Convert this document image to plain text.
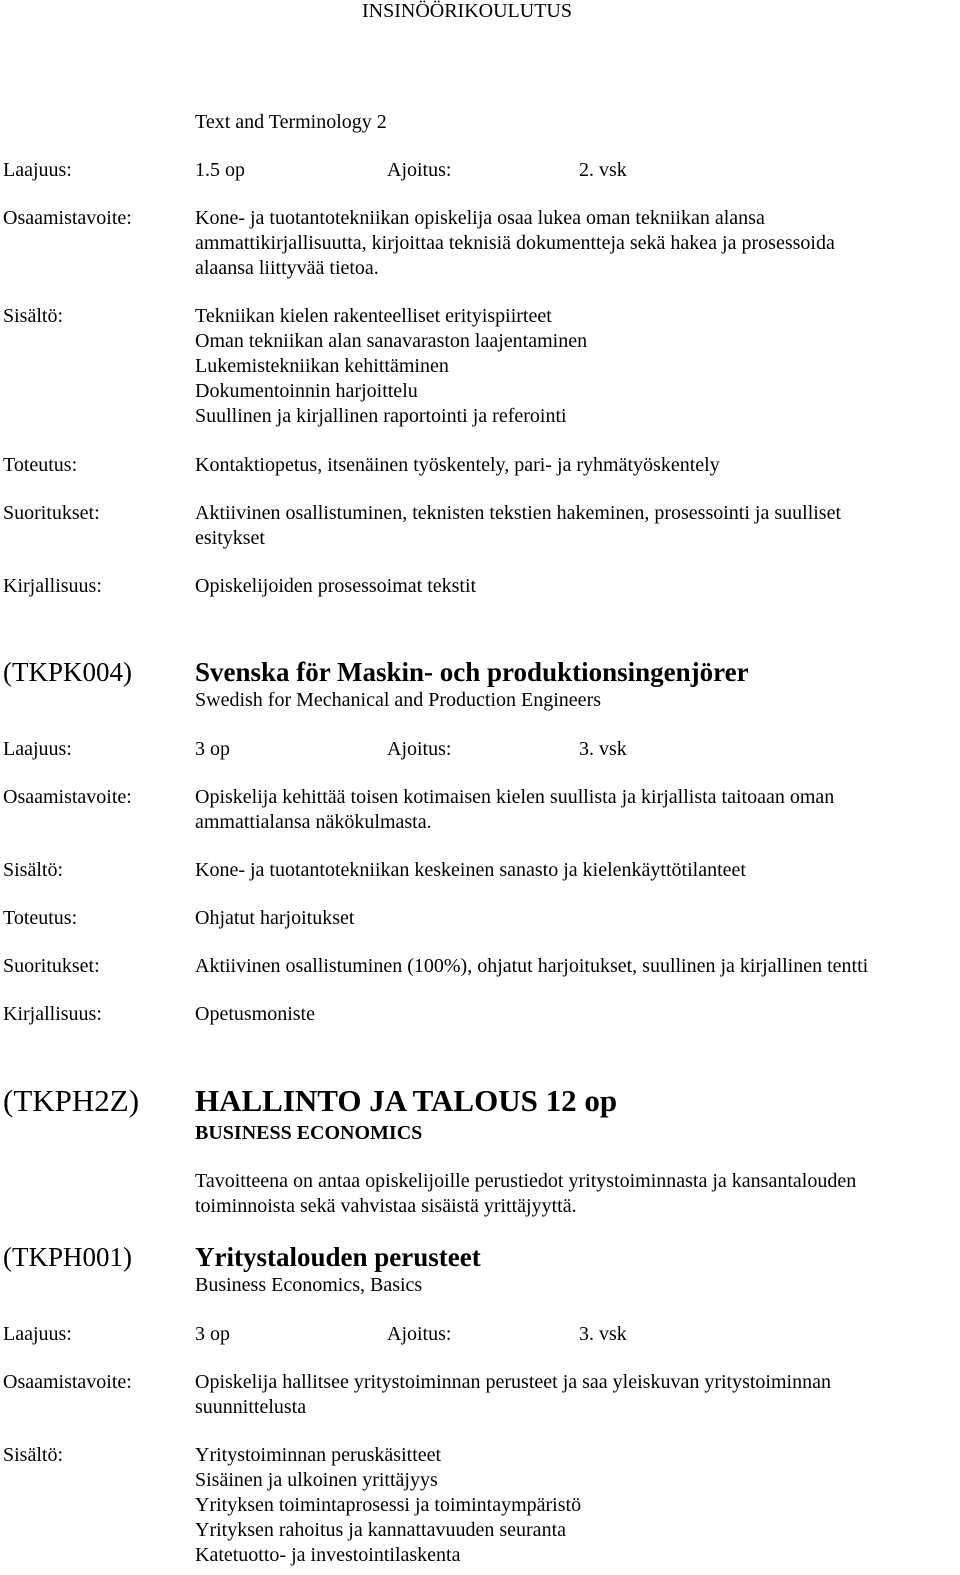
INSINÖÖRIKOULUTUS
Text and Terminology 2
Laajuus:	1.5 op	Ajoitus:	2. vsk
Osaamistavoite:	Kone- ja tuotantotekniikan opiskelija osaa lukea oman tekniikan alansa
ammattikirjallisuutta, kirjoittaa teknisiä dokumentteja sekä hakea ja prosessoida
alaansa liittyvää tietoa.
Sisältö:	Tekniikan kielen rakenteelliset erityispiirteet
Oman tekniikan alan sanavaraston laajentaminen
Lukemistekniikan kehittäminen
Dokumentoinnin harjoittelu
Suullinen ja kirjallinen raportointi ja referointi
Toteutus:	Kontaktiopetus, itsenäinen työskentely, pari- ja ryhmätyöskentely
Suoritukset:	Aktiivinen osallistuminen, teknisten tekstien hakeminen, prosessointi ja suulliset
esitykset
Kirjallisuus:	Opiskelijoiden prosessoimat tekstit
(TKPK004) Svenska för Maskin- och produktionsingenjörer
Swedish for Mechanical and Production Engineers
Laajuus:	3 op	Ajoitus:	3. vsk
Osaamistavoite:	Opiskelija kehittää toisen kotimaisen kielen suullista ja kirjallista taitoaan oman
ammattialansa näkökulmasta.
Sisältö:	Kone- ja tuotantotekniikan keskeinen sanasto ja kielenkäyttötilanteet
Toteutus:	Ohjatut harjoitukset
Suoritukset:	Aktiivinen osallistuminen (100%), ohjatut harjoitukset, suullinen ja kirjallinen tentti
Kirjallisuus:	Opetusmoniste
(TKPH2Z) HALLINTO JA TALOUS 12 op
BUSINESS ECONOMICS
Tavoitteena on antaa opiskelijoille perustiedot yritystoiminnasta ja kansantalouden
toiminnoista sekä vahvistaa sisäistä yrittäjyyttä.
(TKPH001) Yritystalouden perusteet
Business Economics, Basics
Laajuus:	3 op	Ajoitus:	3. vsk
Osaamistavoite:	Opiskelija hallitsee yritystoiminnan perusteet ja saa yleiskuvan yritystoiminnan
suunnittelusta
Sisältö:	Yritystoiminnan peruskäsitteet
Sisäinen ja ulkoinen yrittäjyys
Yrityksen toimintaprosessi ja toimintaympäristö
Yrityksen rahoitus ja kannattavuuden seuranta
Katetuotto- ja investointilaskenta
